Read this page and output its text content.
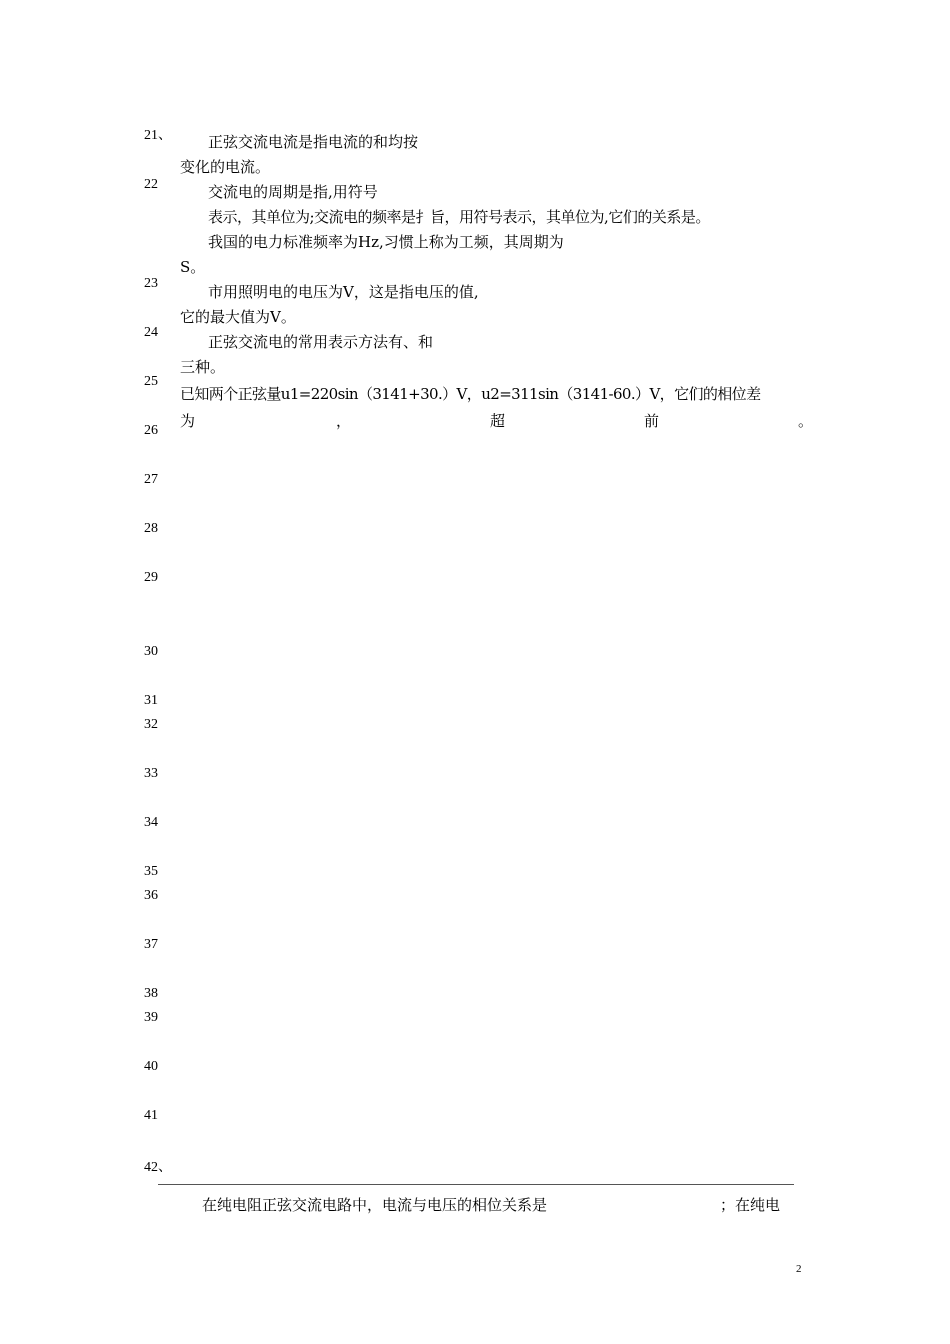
21、
22
23
24
25
26
27
28
29
30
31
32
33
34
35
36
37
38
39
40
41
42、
正弦交流电流是指电流的和均按
变化的电流。
交流电的周期是指,用符号
表示，其单位为;交流电的频率是扌旨，用符号表示，其单位为,它们的关系是。
我国的电力标准频率为Hz,习惯上称为工频，其周期为
S。
市用照明电的电压为V，这是指电压的值,
它的最大值为V。
正弦交流电的常用表示方法有、和
三种。
已知两个正弦量u1=220sin（3141+30.）V，u2=311sin（3141-60.）V，它们的相位差
为	，	超	前	。
在纯电阻正弦交流电路中，电流与电压的相位关系是	；在纯电
2
